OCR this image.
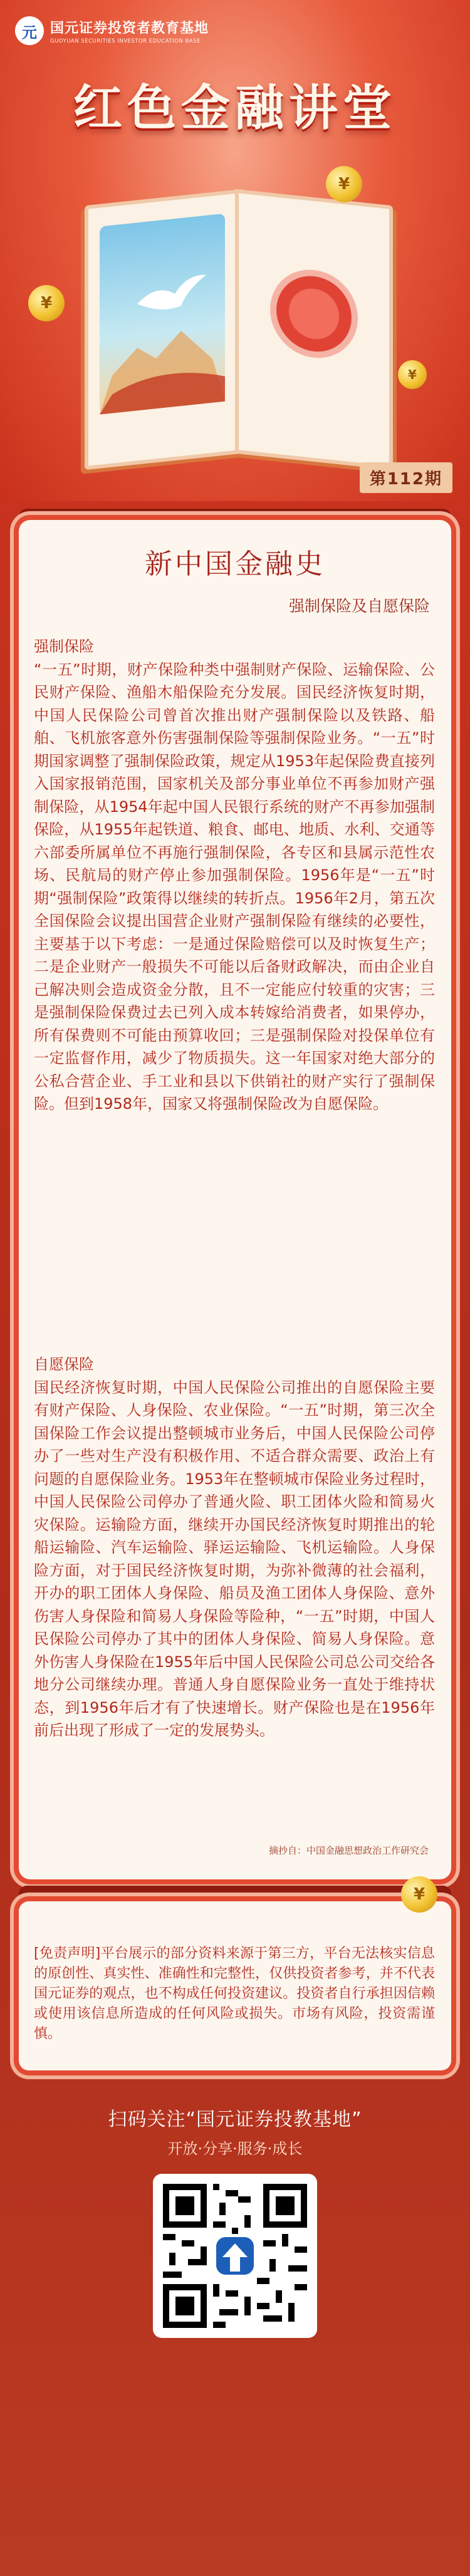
元 国元证券投资者教育基地
GUOYUAN SECURITIES INVESTOR EDUCATION BASE
红色金融讲堂
¥
¥
¥
第112期
新中国金融史
强制保险及自愿保险
强制保险
“一五”时期，财产保险种类中强制财产保险、运输保险、公民财产保险、渔船木船保险充分发展。国民经济恢复时期，中国人民保险公司曾首次推出财产强制保险以及铁路、船舶、飞机旅客意外伤害强制保险等强制保险业务。“一五”时期国家调整了强制保险政策，规定从1953年起保险费直接列入国家报销范围，国家机关及部分事业单位不再参加财产强制保险，从1954年起中国人民银行系统的财产不再参加强制保险，从1955年起铁道、粮食、邮电、地质、水利、交通等六部委所属单位不再施行强制保险，各专区和县属示范性农场、民航局的财产停止参加强制保险。1956年是“一五”时期“强制保险”政策得以继续的转折点。1956年2月，第五次全国保险会议提出国营企业财产强制保险有继续的必要性，主要基于以下考虑：一是通过保险赔偿可以及时恢复生产；二是企业财产一般损失不可能以后备财政解决，而由企业自己解决则会造成资金分散，且不一定能应付较重的灾害；三是强制保险保费过去已列入成本转嫁给消费者，如果停办，所有保费则不可能由预算收回；三是强制保险对投保单位有一定监督作用，减少了物质损失。这一年国家对绝大部分的公私合营企业、手工业和县以下供销社的财产实行了强制保险。但到1958年，国家又将强制保险改为自愿保险。
自愿保险
国民经济恢复时期，中国人民保险公司推出的自愿保险主要有财产保险、人身保险、农业保险。“一五”时期，第三次全国保险工作会议提出整顿城市业务后，中国人民保险公司停办了一些对生产没有积极作用、不适合群众需要、政治上有问题的自愿保险业务。1953年在整顿城市保险业务过程时，中国人民保险公司停办了普通火险、职工团体火险和简易火灾保险。运输险方面，继续开办国民经济恢复时期推出的轮船运输险、汽车运输险、驿运运输险、飞机运输险。人身保险方面，对于国民经济恢复时期，为弥补微薄的社会福利，开办的职工团体人身保险、船员及渔工团体人身保险、意外伤害人身保险和简易人身保险等险种，“一五”时期，中国人民保险公司停办了其中的团体人身保险、简易人身保险。意外伤害人身保险在1955年后中国人民保险公司总公司交给各地分公司继续办理。普通人身自愿保险业务一直处于维持状态，到1956年后才有了快速增长。财产保险也是在1956年前后出现了形成了一定的发展势头。
摘抄自：中国金融思想政治工作研究会
¥
[免责声明]平台展示的部分资料来源于第三方，平台无法核实信息的原创性、真实性、准确性和完整性，仅供投资者参考，并不代表国元证券的观点，也不构成任何投资建议。投资者自行承担因信赖或使用该信息所造成的任何风险或损失。市场有风险，投资需谨慎。
扫码关注“国元证券投教基地”
开放·分享·服务·成长
